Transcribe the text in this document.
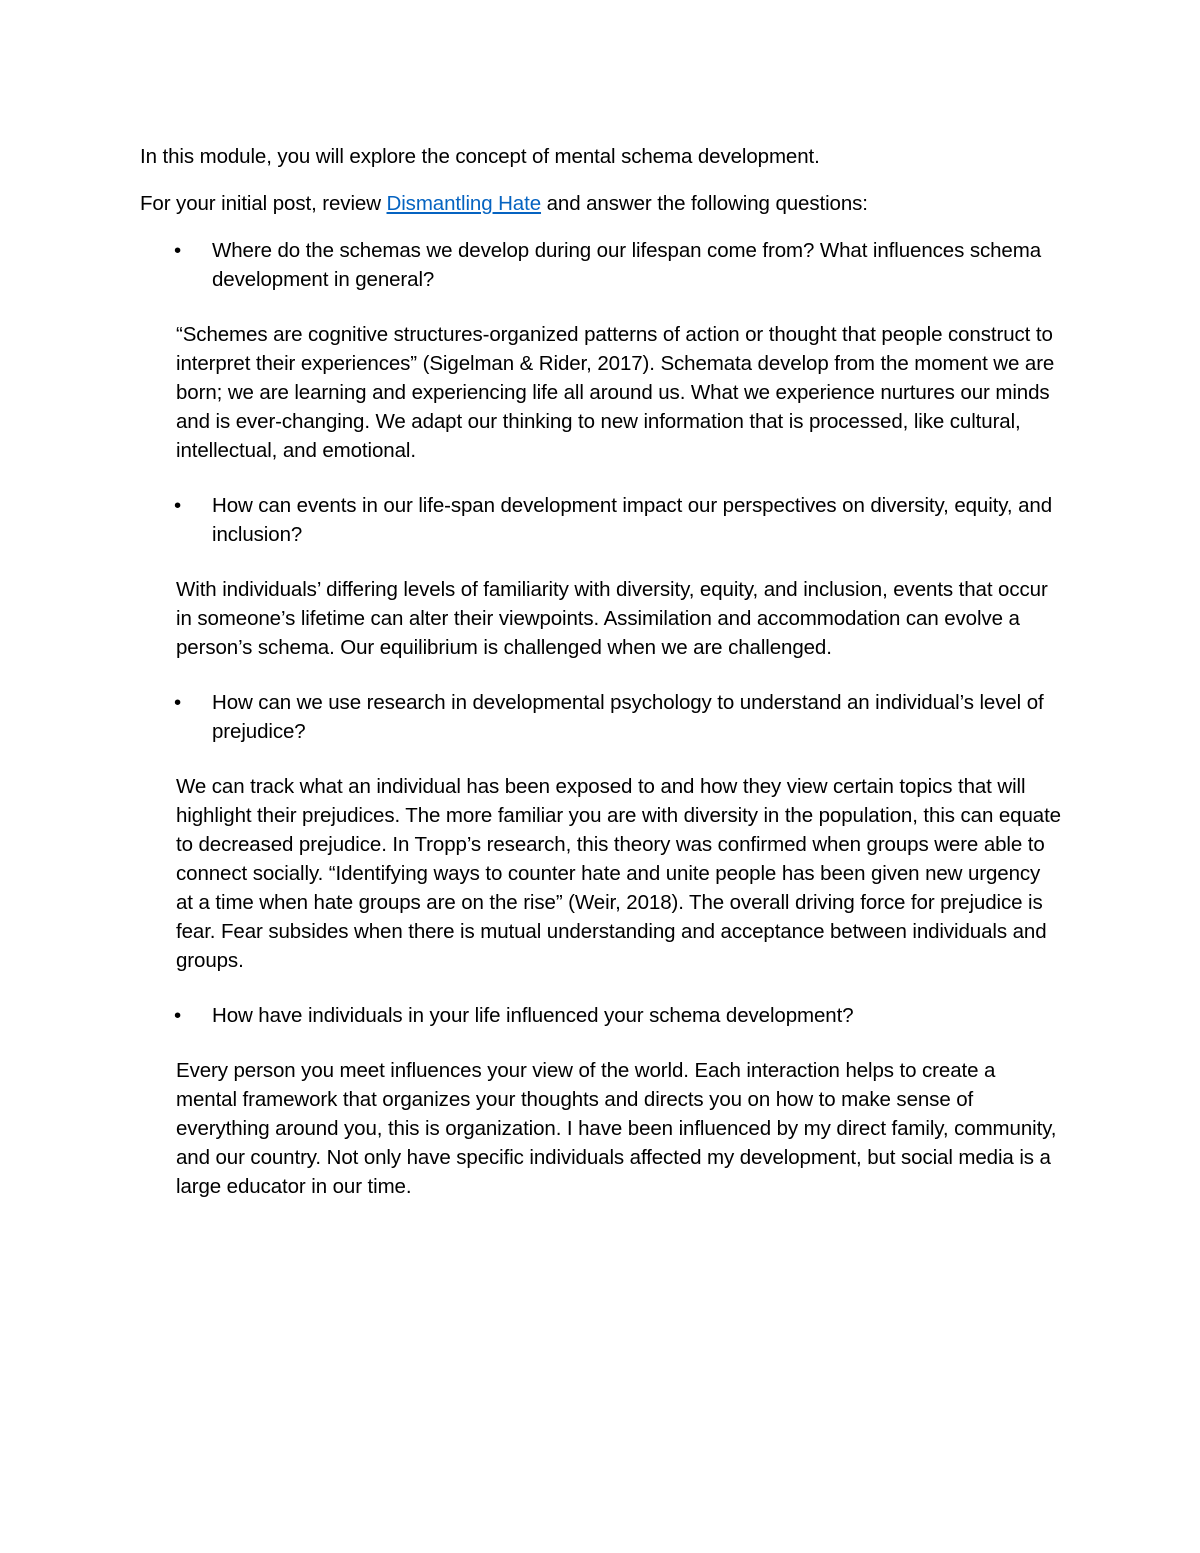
In this module, you will explore the concept of mental schema development.

For your initial post, review Dismantling Hate and answer the following questions:

•	Where do the schemas we develop during our lifespan come from? What influences schema development in general?

“Schemes are cognitive structures-organized patterns of action or thought that people construct to interpret their experiences” (Sigelman & Rider, 2017). Schemata develop from the moment we are born; we are learning and experiencing life all around us. What we experience nurtures our minds and is ever-changing. We adapt our thinking to new information that is processed, like cultural, intellectual, and emotional.

•	How can events in our life-span development impact our perspectives on diversity, equity, and inclusion?

With individuals’ differing levels of familiarity with diversity, equity, and inclusion, events that occur in someone’s lifetime can alter their viewpoints. Assimilation and accommodation can evolve a person’s schema. Our equilibrium is challenged when we are challenged.

•	How can we use research in developmental psychology to understand an individual’s level of prejudice?

We can track what an individual has been exposed to and how they view certain topics that will highlight their prejudices. The more familiar you are with diversity in the population, this can equate to decreased prejudice. In Tropp’s research, this theory was confirmed when groups were able to connect socially. “Identifying ways to counter hate and unite people has been given new urgency at a time when hate groups are on the rise” (Weir, 2018). The overall driving force for prejudice is fear. Fear subsides when there is mutual understanding and acceptance between individuals and groups.

•	How have individuals in your life influenced your schema development?

Every person you meet influences your view of the world. Each interaction helps to create a mental framework that organizes your thoughts and directs you on how to make sense of everything around you, this is organization. I have been influenced by my direct family, community, and our country. Not only have specific individuals affected my development, but social media is a large educator in our time.
